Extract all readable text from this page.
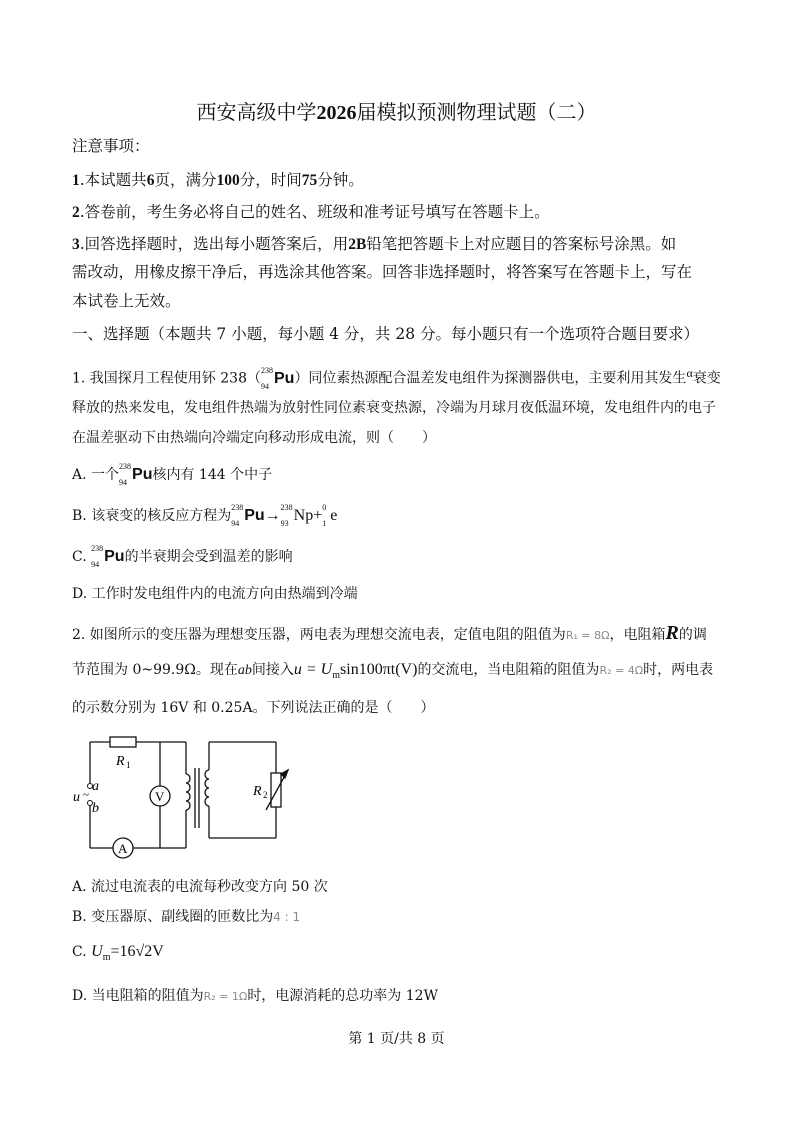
西安高级中学2026届模拟预测物理试题（二）
注意事项：
1.本试题共6页，满分100分，时间75分钟。
2.答卷前，考生务必将自己的姓名、班级和准考证号填写在答题卡上。
3.回答选择题时，选出每小题答案后，用2B铅笔把答题卡上对应题目的答案标号涂黑。如
需改动，用橡皮擦干净后，再选涂其他答案。回答非选择题时，将答案写在答题卡上，写在
本试卷上无效。
一、选择题（本题共 7 小题，每小题 4 分，共 28 分。每小题只有一个选项符合题目要求）
1. 我国探月工程使用钚 238（
238
94 Pu）同位素热源配合温差发电组件为探测器供电，主要利用其发生α衰变
释放的热来发电，发电组件热端为放射性同位素衰变热源，冷端为月球月夜低温环境，发电组件内的电子
在温差驱动下由热端向冷端定向移动形成电流，则（　　）
A. 一个
238
94 Pu核内有 144 个中子
B. 该衰变的核反应方程为
238
94 Pu→ 238
93 Np+ 0
1 e
C.
238
94 Pu的半衰期会受到温差的影响
D. 工作时发电组件内的电流方向由热端到冷端
2. 如图所示的变压器为理想变压器，两电表为理想交流电表，定值电阻的阻值为R₁ = 8Ω，电阻箱R的调
节范围为 0~99.9Ω。现在ab间接入$u = U_m\sin 100\pi t(V)$的交流电，当电阻箱的阻值为R₂ = 4Ω时，两电表
的示数分别为 16V 和 0.25A。下列说法正确的是（　　）
a
b
u ~
R 1
R 2
V
A
A. 流过电流表的电流每秒改变方向 50 次
B. 变压器原、副线圈的匝数比为4 : 1
C. $U_m=16√2V$
D. 当电阻箱的阻值为R₂ = 1Ω时，电源消耗的总功率为 12W
第 1 页/共 8 页
